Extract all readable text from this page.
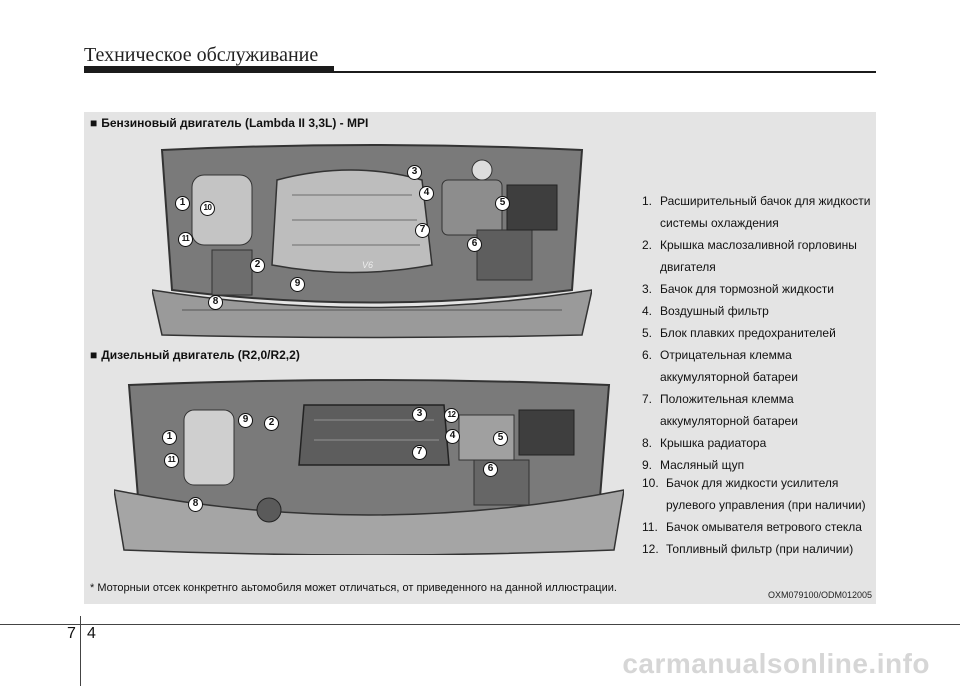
Техническое обслуживание
■ Бензиновый двигатель (Lambda II 3,3L) - MPI
V6
1	10
11
2
8
9
3
4
7
5
6
■ Дизельный двигатель (R2,0/R2,2)
1
11
8
9	2
3	12
4
7
5
6
1. Расширительный бачок для жидкости
системы охлаждения
2. Крышка маслозаливной горловины
двигателя
3. Бачок для тормозной жидкости
4. Воздушный фильтр
5. Блок плавких предохранителей
6. Отрицательная клемма
аккумуляторной батареи
7. Положительная клемма
аккумуляторной батареи
8. Крышка радиатора
9. Масляный щуп
10. Бачок для жидкости усилителя
рулевого управления (при наличии)
11. Бачок омывателя ветрового стекла
12. Топливный фильтр (при наличии)
* Моторныи отсек конкретнго аьтомобиля может отличаться, от приведенного на данной иллюстрации.
OXM079100/ODM012005
7 4
carmanualsonline.info
